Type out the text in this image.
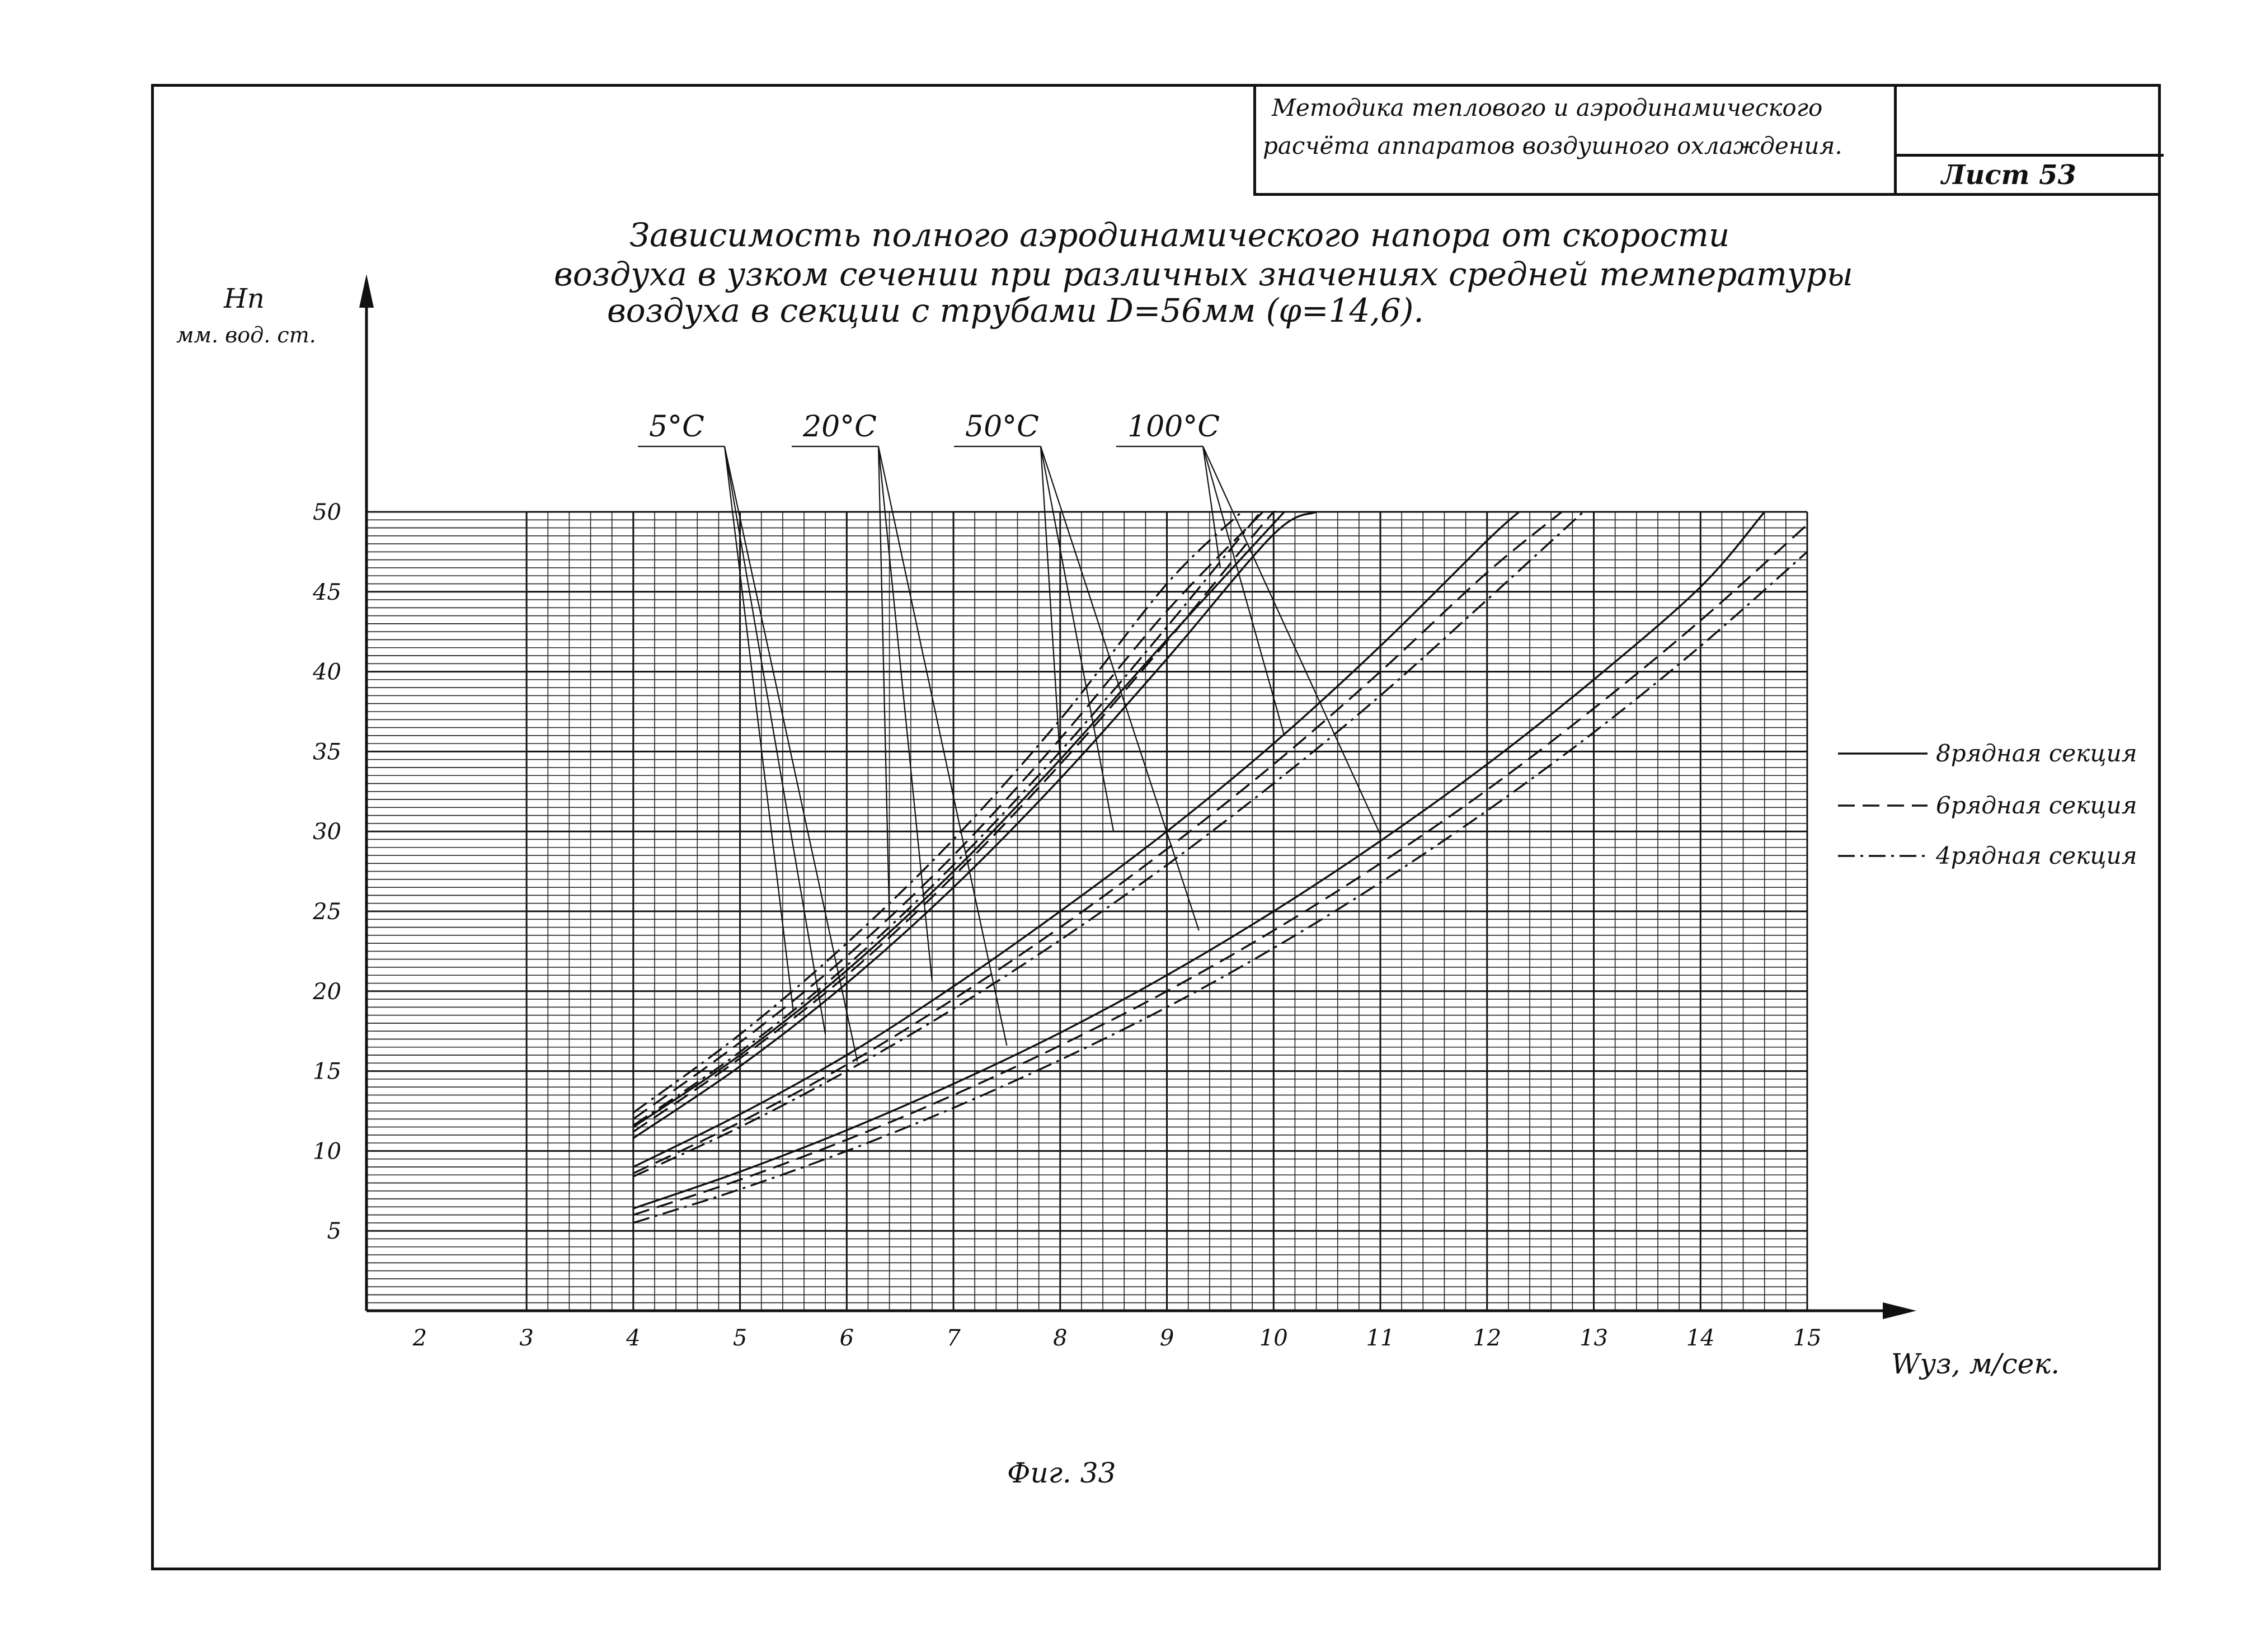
Методика теплового и аэродинамического
расчёта аппаратов воздушного охлаждения.
Лист 53
Зависимость полного аэродинамического напора от скорости
воздуха в узком сечении при различных значениях средней температуры
воздуха в секции с трубами D=56мм (φ=14,6).
Нп
мм. вод. ст.
Wуз, м/сек.
Фиг. 33
2	3	4	5	6	7	8	9	10	11	12	13	14	15
5
10
15
20
25
30
35
40
45
50
5°C	20°C	50°C	100°C
8рядная секция
6рядная секция
4рядная секция
